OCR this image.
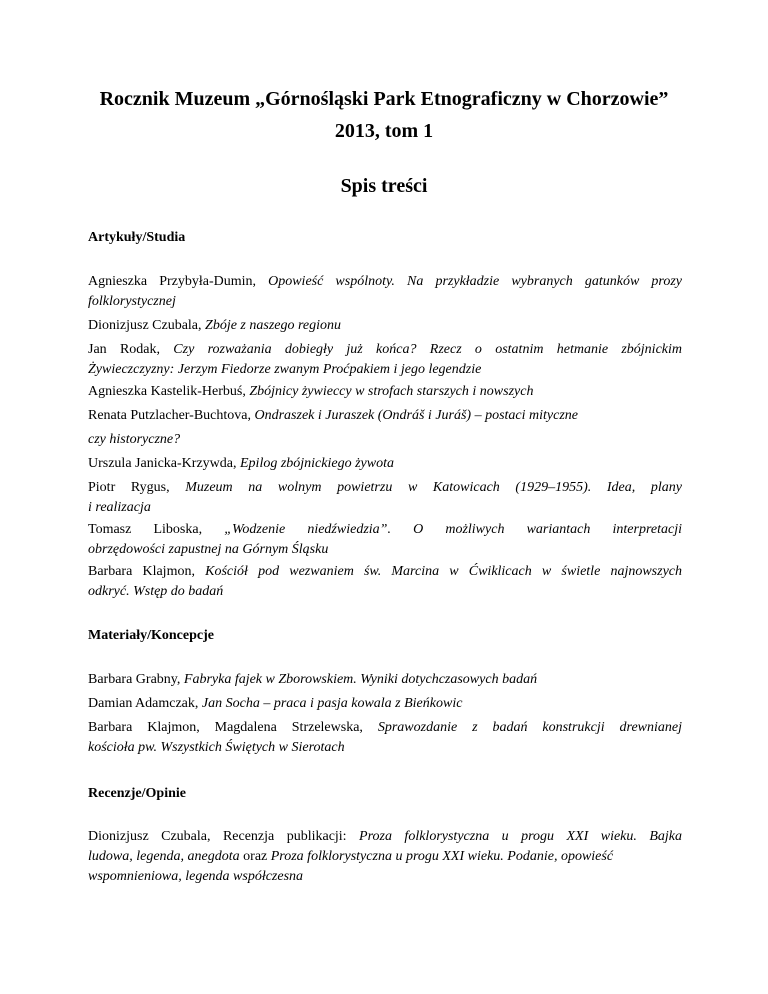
Rocznik Muzeum „Górnośląski Park Etnograficzny w Chorzowie”
2013, tom 1
Spis treści
Artykuły/Studia
Agnieszka Przybyła-Dumin, Opowieść wspólnoty. Na przykładzie wybranych gatunków prozy
folklorystycznej
Dionizjusz Czubala, Zbóje z naszego regionu
Jan Rodak, Czy rozważania dobiegły już końca? Rzecz o ostatnim hetmanie zbójnickim
Żywieczczyzny: Jerzym Fiedorze zwanym Proćpakiem i jego legendzie
Agnieszka Kastelik-Herbuś, Zbójnicy żywieccy w strofach starszych i nowszych
Renata Putzlacher-Buchtova, Ondraszek i Juraszek (Ondráš i Juráš) – postaci mityczne
czy historyczne?
Urszula Janicka-Krzywda, Epilog zbójnickiego żywota
Piotr Rygus, Muzeum na wolnym powietrzu w Katowicach (1929–1955). Idea, plany
i realizacja
Tomasz Liboska, „Wodzenie niedźwiedzia”. O możliwych wariantach interpretacji
obrzędowości zapustnej na Górnym Śląsku
Barbara Klajmon, Kościół pod wezwaniem św. Marcina w Ćwiklicach w świetle najnowszych
odkryć. Wstęp do badań
Materiały/Koncepcje
Barbara Grabny, Fabryka fajek w Zborowskiem. Wyniki dotychczasowych badań
Damian Adamczak, Jan Socha – praca i pasja kowala z Bieńkowic
Barbara Klajmon, Magdalena Strzelewska, Sprawozdanie z badań konstrukcji drewnianej
kościoła pw. Wszystkich Świętych w Sierotach
Recenzje/Opinie
Dionizjusz Czubala, Recenzja publikacji: Proza folklorystyczna u progu XXI wieku. Bajka
ludowa, legenda, anegdota oraz Proza folklorystyczna u progu XXI wieku. Podanie, opowieść
wspomnieniowa, legenda współczesna
